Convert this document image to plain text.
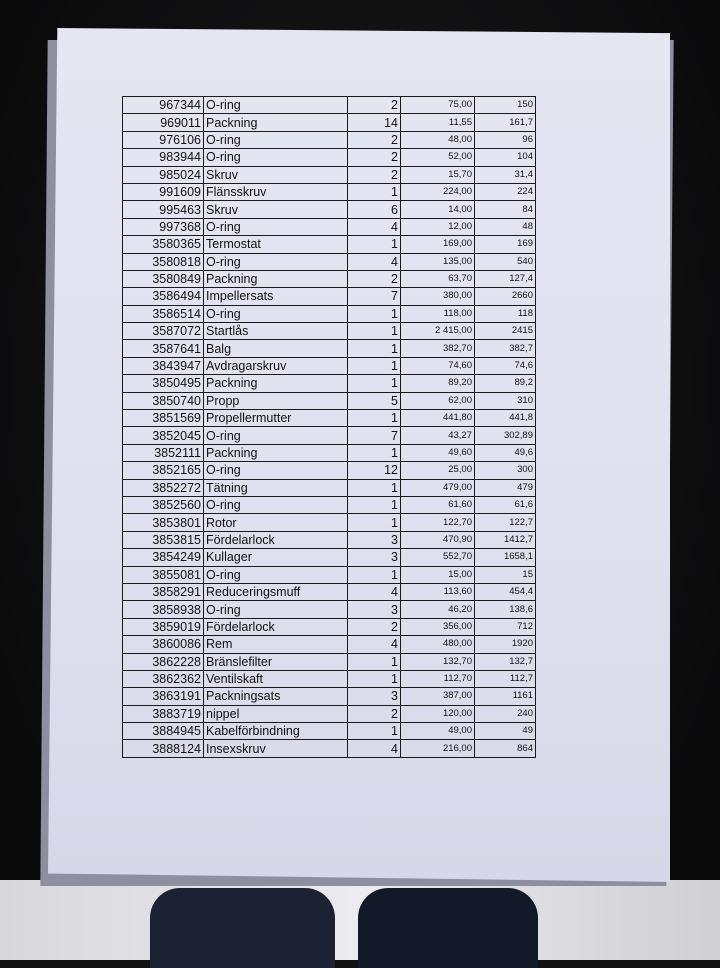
967344	O-ring	2	75,00	150
969011	Packning	14	11,55	161,7
976106	O-ring	2	48,00	96
983944	O-ring	2	52,00	104
985024	Skruv	2	15,70	31,4
991609	Flänsskruv	1	224,00	224
995463	Skruv	6	14,00	84
997368	O-ring	4	12,00	48
3580365	Termostat	1	169,00	169
3580818	O-ring	4	135,00	540
3580849	Packning	2	63,70	127,4
3586494	Impellersats	7	380,00	2660
3586514	O-ring	1	118,00	118
3587072	Startlås	1	2 415,00	2415
3587641	Balg	1	382,70	382,7
3843947	Avdragarskruv	1	74,60	74,6
3850495	Packning	1	89,20	89,2
3850740	Propp	5	62,00	310
3851569	Propellermutter	1	441,80	441,8
3852045	O-ring	7	43,27	302,89
3852111	Packning	1	49,60	49,6
3852165	O-ring	12	25,00	300
3852272	Tätning	1	479,00	479
3852560	O-ring	1	61,60	61,6
3853801	Rotor	1	122,70	122,7
3853815	Fördelarlock	3	470,90	1412,7
3854249	Kullager	3	552,70	1658,1
3855081	O-ring	1	15,00	15
3858291	Reduceringsmuff	4	113,60	454,4
3858938	O-ring	3	46,20	138,6
3859019	Fördelarlock	2	356,00	712
3860086	Rem	4	480,00	1920
3862228	Bränslefilter	1	132,70	132,7
3862362	Ventilskaft	1	112,70	112,7
3863191	Packningsats	3	387,00	1161
3883719	nippel	2	120,00	240
3884945	Kabelförbindning	1	49,00	49
3888124	Insexskruv	4	216,00	864
